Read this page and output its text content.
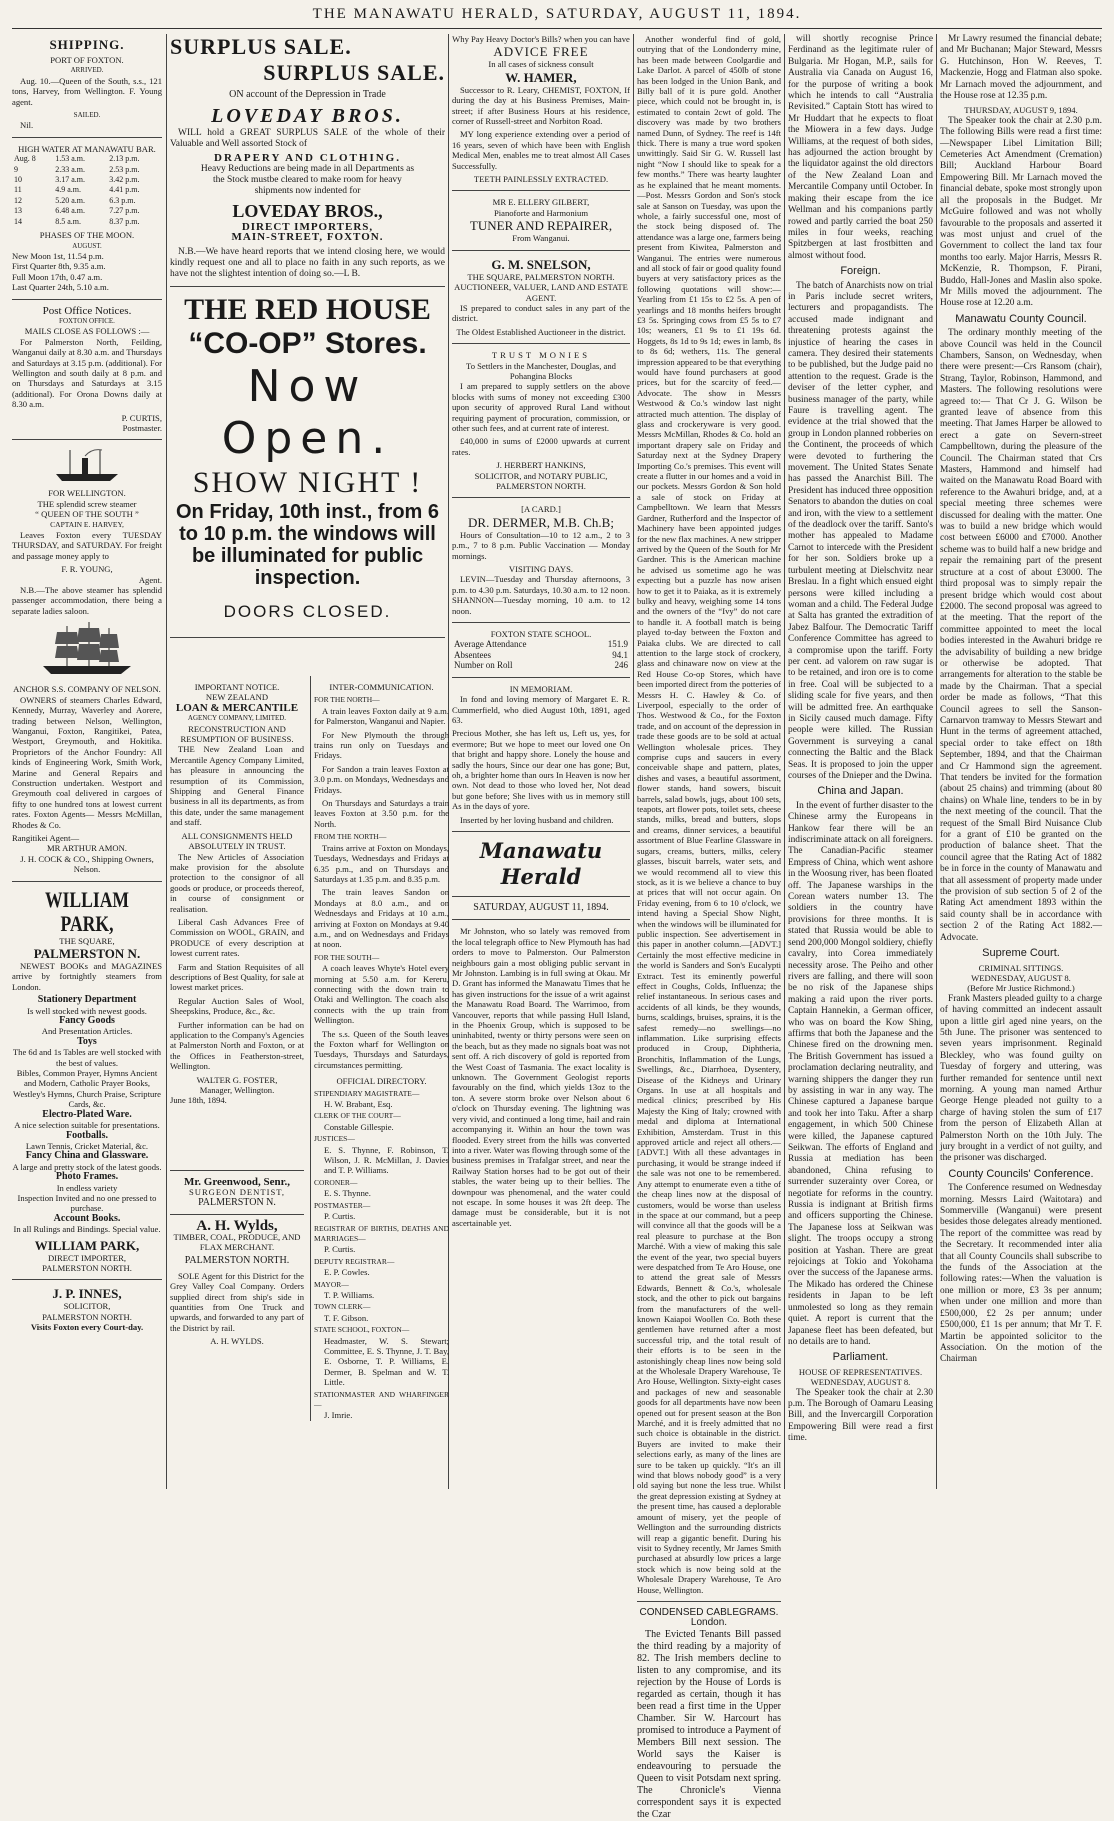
THE MANAWATU HERALD, SATURDAY, AUGUST 11, 1894.
SHIPPING.
PORT OF FOXTON.
ARRIVED.

Aug. 10.—Queen of the South, s.s., 121 tons, Harvey, from Wellington. F. Young agent.

SAILED.

Nil.

HIGH WATER AT MANAWATU BAR.
Aug. 8	1.53 a.m.	2.13 p.m.
9	2.33 a.m.	2.53 p.m.
10	3.17 a.m.	3.42 p.m.
11	4.9 a.m.	4.41 p.m.
12	5.20 a.m.	6.3 p.m.
13	6.48 a.m.	7.27 p.m.
14	8.5 a.m.	8.37 p.m.
PHASES OF THE MOON.
AUGUST.
New Moon 1st, 11.54 p.m.
First Quarter 8th, 9.35 a.m.
Full Moon 17th, 0.47 a.m.
Last Quarter 24th, 5.10 a.m.
Post Office Notices.
FOXTON OFFICE.
MAILS CLOSE AS FOLLOWS :—

For Palmerston North, Feilding, Wanganui daily at 8.30 a.m. and Thursdays and Saturdays at 3.15 p.m. (additional). For Wellington and south daily at 8 p.m. and on Thursdays and Saturdays at 3.15 (additional). For Orona Downs daily at 8.30 a.m.

P. CURTIS,
Postmaster.
FOR WELLINGTON.
THE splendid screw steamer
“ QUEEN OF THE SOUTH ”
CAPTAIN E. HARVEY,

Leaves Foxton every TUESDAY THURSDAY, and SATURDAY. For freight and passage money apply to

F. R. YOUNG,
Agent.

N.B.—The above steamer has splendid passenger accommodation, there being a separate ladies saloon.

ANCHOR S.S. COMPANY OF NELSON.

OWNERS of steamers Charles Edward, Kennedy, Murray, Waverley and Aorere, trading between Nelson, Wellington, Wanganui, Foxton, Rangitikei, Patea, Westport, Greymouth, and Hokitika. Proprietors of the Anchor Foundry: All kinds of Engineering Work, Smith Work, Marine and General Repairs and Construction undertaken. Westport and Greymouth coal delivered in cargoes of fifty to one hundred tons at lowest current rates. Foxton Agents— Messrs McMillan, Rhodes & Co.

Rangitikei Agent—
MR ARTHUR AMON.
J. H. COCK & CO., Shipping Owners, Nelson.
WILLIAM PARK,
THE SQUARE,
PALMERSTON N.

NEWEST BOOKs and MAGAZINES arrive by fortnightly steamers from London.

Stationery Department
Is well stocked with newest goods.
Fancy Goods
And Presentation Articles.
Toys
The 6d and 1s Tables are well stocked with the best of values.
Bibles, Common Prayer, Hymns Ancient and Modern, Catholic Prayer Books, Westley's Hymns, Church Praise, Scripture Cards, &c.
Electro-Plated Ware.
A nice selection suitable for presentations.
Footballs.
Lawn Tennis, Cricket Material, &c.
Fancy China and Glassware.
A large and pretty stock of the latest goods.
Photo Frames.
In endless variety
Inspection Invited and no one pressed to purchase.
Account Books.
In all Rulings and Bindings. Special value.
WILLIAM PARK,
DIRECT IMPORTER,
PALMERSTON NORTH.
J. P. INNES,
SOLICITOR,
PALMERSTON NORTH.
Visits Foxton every Court-day.
SURPLUS SALE.
SURPLUS SALE.
ON account of the Depression in Trade
LOVEDAY BROS.

WILL hold a GREAT SURPLUS SALE of the whole of their Valuable and Well assorted Stock of

DRAPERY AND CLOTHING.

Heavy Reductions are being made in all Departments as the Stock mustbe cleared to make room for heavy shipments now indented for

LOVEDAY BROS.,
DIRECT IMPORTERS,
MAIN-STREET, FOXTON.

N.B.—We have heard reports that we intend closing here, we would kindly request one and all to place no faith in any such reports, as we have not the slightest intention of doing so.—L B.

THE RED HOUSE
“CO-OP” Stores.
Now Open.
SHOW NIGHT !
On Friday, 10th inst., from 6 to 10 p.m. the windows will be illuminated for public inspection.
DOORS CLOSED.
IMPORTANT NOTICE.
NEW ZEALAND
LOAN & MERCANTILE
AGENCY COMPANY, LIMITED.
RECONSTRUCTION AND RESUMPTION OF BUSINESS.

THE New Zealand Loan and Mercantile Agency Company Limited, has pleasure in announcing the resumption of its Commission, Shipping and General Finance business in all its departments, as from this date, under the same management and staff.

ALL CONSIGNMENTS HELD ABSOLUTELY IN TRUST.

The New Articles of Association make provision for the absolute protection to the consignor of all goods or produce, or proceeds thereof, in course of consignment or realisation.

Liberal Cash Advances Free of Commission on WOOL, GRAIN, and PRODUCE of every description at lowest current rates.

Farm and Station Requisites of all descriptions of Best Quality, for sale at lowest market prices.

Regular Auction Sales of Wool, Sheepskins, Produce, &c., &c.

Further information can be had on application to the Company's Agencies at Palmerston North and Foxton, or at the Offices in Featherston-street, Wellington.

WALTER G. FOSTER,
Manager, Wellington.
June 18th, 1894.
INTER-COMMUNICATION.
FOR THE NORTH—

A train leaves Foxton daily at 9 a.m. for Palmerston, Wanganui and Napier.

For New Plymouth the through trains run only on Tuesdays and Fridays.

For Sandon a train leaves Foxton at 3.0 p.m. on Mondays, Wednesdays and Fridays.

On Thursdays and Saturdays a train leaves Foxton at 3.50 p.m. for the North.

FROM THE NORTH—

Trains arrive at Foxton on Mondays, Tuesdays, Wednesdays and Fridays at 6.35 p.m., and on Thursdays and Saturdays at 1.35 p.m. and 8.35 p.m.

The train leaves Sandon on Mondays at 8.0 a.m., and on Wednesdays and Fridays at 10 a.m., arriving at Foxton on Mondays at 9.40 a.m., and on Wednesdays and Fridays at noon.

FOR THE SOUTH—

A coach leaves Whyte's Hotel every morning at 5.50 a.m. for Kereru, connecting with the down train to Otaki and Wellington. The coach also connects with the up train from Wellington.

The s.s. Queen of the South leaves the Foxton wharf for Wellington on Tuesdays, Thursdays and Saturdays, circumstances permitting.

OFFICIAL DIRECTORY.
STIPENDIARY MAGISTRATE—
H. W. Brabant, Esq.
CLERK OF THE COURT—
Constable Gillespie.
JUSTICES—
E. S. Thynne, F. Robinson, T. Wilson, J. R. McMillan, J. Davies and T. P. Williams.
CORONER—
E. S. Thynne.
POSTMASTER—
P. Curtis.
REGISTRAR OF BIRTHS, DEATHS AND MARRIAGES—
P. Curtis.
DEPUTY REGISTRAR—
E. P. Cowles.
MAYOR—
T. P. Williams.
TOWN CLERK—
T. F. Gibson.
STATE SCHOOL, FOXTON—
Headmaster, W. S. Stewart; Committee, E. S. Thynne, J. T. Bay, E. Osborne, T. P. Williams, E. Dermer, B. Spelman and W. T. Little.
STATIONMASTER AND WHARFINGER—
J. Imrie.
Mr. Greenwood, Senr.,
SURGEON DENTIST,
PALMERSTON N.
A. H. Wylds,
TIMBER, COAL, PRODUCE, AND FLAX MERCHANT.
PALMERSTON NORTH.

SOLE Agent for this District for the Grey Valley Coal Company. Orders supplied direct from ship's side in quantities from One Truck and upwards, and forwarded to any part of the District by rail.

A. H. WYLDS.
Why Pay Heavy Doctor's Bills? when you can have
ADVICE FREE
In all cases of sickness consult
W. HAMER,

Successor to R. Leary, CHEMIST, FOXTON, If during the day at his Business Premises, Main-street; if after Business Hours at his residence, corner of Russell-street and Norbiton Road.

MY long experience extending over a period of 16 years, seven of which have been with English Medical Men, enables me to treat almost All Cases Successfully.

TEETH PAINLESSLY EXTRACTED.
MR E. ELLERY GILBERT,
Pianoforte and Harmonium
TUNER AND REPAIRER,
From Wanganui.
G. M. SNELSON,
THE SQUARE, PALMERSTON NORTH.
AUCTIONEER, VALUER, LAND AND ESTATE AGENT.

IS prepared to conduct sales in any part of the district.

The Oldest Established Auctioneer in the district.
TRUST MONIES
To Settlers in the Manchester, Douglas, and Pohangina Blocks

I am prepared to supply settlers on the above blocks with sums of money not exceeding £300 upon security of approved Rural Land without requiring payment of procuration, commission, or other such fees, and at current rate of interest.

£40,000 in sums of £2000 upwards at current rates.

J. HERBERT HANKINS,
SOLICITOR, and NOTARY PUBLIC, PALMERSTON NORTH.
[A CARD.]
DR. DERMER, M.B. Ch.B;

Hours of Consultation—10 to 12 a.m., 2 to 3 p.m., 7 to 8 p.m. Public Vaccination — Monday mornings.

VISITING DAYS.

LEVIN—Tuesday and Thursday afternoons, 3 p.m. to 4.30 p.m. Saturdays, 10.30 a.m. to 12 noon. SHANNON—Tuesday morning, 10 a.m. to 12 noon.

FOXTON STATE SCHOOL.
Average Attendance	151.9
Absentees	94.1
Number on Roll	246
IN MEMORIAM.

In fond and loving memory of Margaret E. R. Cummerfield, who died August 10th, 1891, aged 63.

Precious Mother, she has left us, Left us, yes, for evermore; But we hope to meet our loved one On that bright and happy shore. Lonely the house and sadly the hours, Since our dear one has gone; But, oh, a brighter home than ours In Heaven is now her own. Not dead to those who loved her, Not dead but gone before; She lives with us in memory still As in the days of yore.

Inserted by her loving husband and children.

Manawatu Herald
SATURDAY, AUGUST 11, 1894.

Mr Johnston, who so lately was removed from the local telegraph office to New Plymouth has had orders to move to Palmerston. Our Palmerston neighbours gain a most obliging public servant in Mr Johnston. Lambing is in full swing at Okau. Mr D. Grant has informed the Manawatu Times that he has given instructions for the issue of a writ against the Manawatu Road Board. The Warrimoo, from Vancouver, reports that while passing Hull Island, in the Phoenix Group, which is supposed to be uninhabited, twenty or thirty persons were seen on the beach, but as they made no signals boat was not sent off. A rich discovery of gold is reported from the West Coast of Tasmania. The exact locality is unknown. The Government Geologist reports favourably on the find, which yields 13oz to the ton. A severe storm broke over Nelson about 6 o'clock on Thursday evening. The lightning was very vivid, and continued a long time, hail and rain accompanying it. Within an hour the town was flooded. Every street from the hills was converted into a river. Water was flowing through some of the business premises in Trafalgar street, and near the Railway Station horses had to be got out of their stables, the water being up to their bellies. The downpour was phenomenal, and the water could not escape. In some houses it was 2ft deep. The damage must be considerable, but it is not ascertainable yet.

Another wonderful find of gold, outrying that of the Londonderry mine, has been made between Coolgardie and Lake Darlot. A parcel of 450lb of stone has been lodged in the Union Bank, and Billy ball of it is pure gold. Another piece, which could not be brought in, is estimated to contain 2cwt of gold. The discovery was made by two brothers named Dunn, of Sydney. The reef is 14ft thick. There is many a true word spoken unwittingly. Said Sir G. W. Russell last night “Now I should like to speak for a few months.” There was hearty laughter as he explained that he meant moments.—Post. Messrs Gordon and Son's stock sale at Sanson on Tuesday, was upon the whole, a fairly successful one, most of the stock being disposed of. The attendance was a large one, farmers being present from Kiwitea, Palmerston and Wanganui. The entries were numerous and all stock of fair or good quality found buyers at very satisfactory prices as the following quotations will show:— Yearling from £1 15s to £2 5s. A pen of yearlings and 18 months heifers brought £3 5s. Springing cows from £5 5s to £7 10s; weaners, £1 9s to £1 19s 6d. Hoggets, 8s 1d to 9s 1d; ewes in lamb, 8s to 8s 6d; wethers, 11s. The general impression appeared to be that everything would have found purchasers at good prices, but for the scarcity of feed.—Advocate. The show in Messrs Westwood & Co.'s window last night attracted much attention. The display of glass and crockeryware is very good. Messrs McMillan, Rhodes & Co. hold an important drapery sale on Friday and Saturday next at the Sydney Drapery Importing Co.'s premises. This event will create a flutter in our homes and a void in our pockets. Messrs Gordon & Son hold a sale of stock on Friday at Campbelltown. We learn that Messrs Gardner, Rutherford and the Inspector of Machinery have been appointed judges for the new flax machines. A new stripper arrived by the Queen of the South for Mr Gardner. This is the American machine he advised us sometime ago he was expecting but a puzzle has now arisen how to get it to Paiaka, as it is extremely bulky and heavy, weighing some 14 tons and the owners of the “Ivy” do not care to handle it. A football match is being played to-day between the Foxton and Paiaka clubs. We are directed to call attention to the large stock of crockery, glass and chinaware now on view at the Red House Co-op Stores, which have been imported direct from the potteries of Messrs H. C. Hawley & Co. of Liverpool, especially to the order of Thos. Westwood & Co., for the Foxton trade, and on account of the depression in trade these goods are to be sold at actual Wellington wholesale prices. They comprise cups and saucers in every conceivable shape and pattern, plates, dishes and vases, a beautiful assortment, flower stands, hand sowers, biscuit barrels, salad bowls, jugs, about 100 sets, teapots, art flower pots, toilet sets, cheese stands, milks, bread and butters, slops and creams, dinner services, a beautiful assortment of Blue Fearline Glassware in sugars, creams, butters, milks, celery glasses, biscuit barrels, water sets, and we would recommend all to view this stock, as it is we believe a chance to buy at prices that will not occur again. On Friday evening, from 6 to 10 o'clock, we intend having a Special Show Night, when the windows will be illuminated for public inspection. See advertisement in this paper in another column.—[ADVT.] Certainly the most effective medicine in the world is Sanders and Son's Eucalypti Extract. Test its eminently powerful effect in Coughs, Colds, Influenza; the relief instantaneous. In serious cases and accidents of all kinds, be they wounds, burns, scaldings, bruises, sprains, it is the safest remedy—no swellings—no inflammation. Like surprising effects produced in Croup, Diphtheria, Bronchitis, Inflammation of the Lungs, Swellings, &c., Diarrhoea, Dysentery, Disease of the Kidneys and Urinary Organs. In use at all hospitals and medical clinics; prescribed by His Majesty the King of Italy; crowned with medal and diploma at International Exhibition, Amsterdam. Trust in this approved article and reject all others.—[ADVT.] With all these advantages in purchasing, it would be strange indeed if the sale was not one to be remembered. Any attempt to enumerate even a tithe of the cheap lines now at the disposal of customers, would be worse than useless in the space at our command, but a peep will convince all that the goods will be a real pleasure to purchase at the Bon Marché. With a view of making this sale the event of the year, two special buyers were despatched from Te Aro House, one to attend the great sale of Messrs Edwards, Bennett & Co.'s, wholesale stock, and the other to pick out bargains from the manufacturers of the well-known Kaiapoi Woollen Co. Both these gentlemen have returned after a most successful trip, and the total result of their efforts is to be seen in the astonishingly cheap lines now being sold at the Wholesale Drapery Warehouse, Te Aro House, Wellington. Sixty-eight cases and packages of new and seasonable goods for all departments have now been opened out for present season at the Bon Marché, and it is freely admitted that no such choice is obtainable in the district. Buyers are invited to make their selections early, as many of the lines are sure to be taken up quickly. “It's an ill wind that blows nobody good” is a very old saying but none the less true. Whilst the great depression existing at Sydney at the present time, has caused a deplorable amount of misery, yet the people of Wellington and the surrounding districts will reap a gigantic benefit. During his visit to Sydney recently, Mr James Smith purchased at absurdly low prices a large stock which is now being sold at the Wholesale Drapery Warehouse, Te Aro House, Wellington.

CONDENSED CABLEGRAMS.
London.

The Evicted Tenants Bill passed the third reading by a majority of 82. The Irish members decline to listen to any compromise, and its rejection by the House of Lords is regarded as certain, though it has been read a first time in the Upper Chamber. Sir W. Harcourt has promised to introduce a Payment of Members Bill next session. The World says the Kaiser is endeavouring to persuade the Queen to visit Potsdam next spring. The Chronicle's Vienna correspondent says it is expected the Czar

will shortly recognise Prince Ferdinand as the legitimate ruler of Bulgaria. Mr Hogan, M.P., sails for Australia via Canada on August 16, for the purpose of writing a book which he intends to call “Australia Revisited.” Captain Stott has wired to Mr Huddart that he expects to float the Miowera in a few days. Judge Williams, at the request of both sides, has adjourned the action brought by the liquidator against the old directors of the New Zealand Loan and Mercantile Company until October. In making their escape from the ice Wellman and his companions partly rowed and partly carried the boat 250 miles in four weeks, reaching Spitzbergen at last frostbitten and almost without food.

Foreign.

The batch of Anarchists now on trial in Paris include secret writers, lecturers and propagandists. The accused made indignant and threatening protests against the injustice of hearing the cases in camera. They desired their statements to be published, but the Judge paid no attention to the request. Grade is the deviser of the letter cypher, and business manager of the party, while Faure is travelling agent. The evidence at the trial showed that the group in London planned robberies on the Continent, the proceeds of which were devoted to furthering the movement. The United States Senate has passed the Anarchist Bill. The President has induced three opposition Senators to abandon the duties on coal and iron, with the view to a settlement of the deadlock over the tariff. Santo's mother has appealed to Madame Carnot to intercede with the President for her son. Soldiers broke up a turbulent meeting at Dielschvitz near Breslau. In a fight which ensued eight persons were killed including a woman and a child. The Federal Judge at Salta has granted the extradition of Jabez Balfour. The Democratic Tariff Conference Committee has agreed to a compromise upon the tariff. Forty per cent. ad valorem on raw sugar is to be retained, and iron ore is to come in free. Coal will be subjected to a sliding scale for five years, and then will be admitted free. An earthquake in Sicily caused much damage. Fifty people were killed. The Russian Government is surveying a canal connecting the Baltic and the Black Seas. It is proposed to join the upper courses of the Dnieper and the Dwina.

China and Japan.

In the event of further disaster to the Chinese army the Europeans in Hankow fear there will be an indiscriminate attack on all foreigners. The Canadian-Pacific steamer Empress of China, which went ashore in the Woosung river, has been floated off. The Japanese warships in the Corean waters number 13. The soldiers in the country have provisions for three months. It is stated that Russia would be able to send 200,000 Mongol soldiery, chiefly cavalry, into Corea immediately necessity arose. The Peiho and other rivers are falling, and there will soon be no risk of the Japanese ships making a raid upon the river ports. Captain Hannekin, a German officer, who was on board the Kow Shing, affirms that both the Japanese and the Chinese fired on the drowning men. The British Government has issued a proclamation declaring neutrality, and warning shippers the danger they run by assisting in war in any way. The Chinese captured a Japanese barque and took her into Taku. After a sharp engagement, in which 500 Chinese were killed, the Japanese captured Seikwan. The efforts of England and Russia at mediation has been abandoned, China refusing to surrender suzerainty over Corea, or negotiate for reforms in the country. Russia is indignant at British firms and officers supporting the Chinese. The Japanese loss at Seikwan was slight. The troops occupy a strong position at Yashan. There are great rejoicings at Tokio and Yokohama over the success of the Japanese arms. The Mikado has ordered the Chinese residents in Japan to be left unmolested so long as they remain quiet. A report is current that the Japanese fleet has been defeated, but no details are to hand.

Parliament.
HOUSE OF REPRESENTATIVES.
WEDNESDAY, AUGUST 8.

The Speaker took the chair at 2.30 p.m. The Borough of Oamaru Leasing Bill, and the Invercargill Corporation Empowering Bill were read a first time.

Mr Lawry resumed the financial debate; and Mr Buchanan; Major Steward, Messrs G. Hutchinson, Hon W. Reeves, T. Mackenzie, Hogg and Flatman also spoke. Mr Larnach moved the adjournment, and the House rose at 12.35 p.m.

THURSDAY, AUGUST 9, 1894.

The Speaker took the chair at 2.30 p.m. The following Bills were read a first time:—Newspaper Libel Limitation Bill; Cemeteries Act Amendment (Cremation) Bill; Auckland Harbour Board Empowering Bill. Mr Larnach moved the financial debate, spoke most strongly upon all the proposals in the Budget. Mr McGuire followed and was not wholly favourable to the proposals and asserted it was most unjust and cruel of the Government to collect the land tax four months too early. Major Harris, Messrs R. McKenzie, R. Thompson, F. Pirani, Buddo, Hall-Jones and Maslin also spoke. Mr Mills moved the adjournment. The House rose at 12.20 a.m.

Manawatu County Council.

The ordinary monthly meeting of the above Council was held in the Council Chambers, Sanson, on Wednesday, when there were present:—Crs Ransom (chair), Strang, Taylor, Robinson, Hammond, and Masters. The following resolutions were agreed to:— That Cr J. G. Wilson be granted leave of absence from this meeting. That James Harper be allowed to erect a gate on Severn-street Campbelltown, during the pleasure of the Council. The Chairman stated that Crs Masters, Hammond and himself had waited on the Manawatu Road Board with reference to the Awahuri bridge, and, at a special meeting three schemes were discussed for dealing with the matter. One was to build a new bridge which would cost between £6000 and £7000. Another scheme was to build half a new bridge and repair the remaining part of the present structure at a cost of about £3000. The third proposal was to simply repair the present bridge which would cost about £2000. The second proposal was agreed to at the meeting. That the report of the committee appointed to meet the local bodies interested in the Awahuri bridge re the advisability of building a new bridge or otherwise be adopted. That arrangements for alteration to the stable be made by the Chairman. That a special order be made as follows, “That this Council agrees to sell the Sanson-Carnarvon tramway to Messrs Stewart and Hunt in the terms of agreement attached, special order to take effect on 18th September, 1894, and that the Chairman and Cr Hammond sign the agreement. That tenders be invited for the formation (about 25 chains) and trimming (about 80 chains) on Whale line, tenders to be in by the next meeting of the council. That the request of the Small Bird Nuisance Club for a grant of £10 be granted on the production of balance sheet. That the council agree that the Rating Act of 1882 be in force in the county of Manawatu and that all assessment of property made under the provision of sub section 5 of 2 of the Rating Act amendment 1893 within the said county shall be in accordance with section 2 of the Rating Act 1882.—Advocate.

Supreme Court.
CRIMINAL SITTINGS.
WEDNESDAY, AUGUST 8.
(Before Mr Justice Richmond.)

Frank Masters pleaded guilty to a charge of having committed an indecent assault upon a little girl aged nine years, on the 5th June. The prisoner was sentenced to seven years imprisonment. Reginald Bleckley, who was found guilty on Tuesday of forgery and uttering, was further remanded for sentence until next morning. A young man named Arthur George Henge pleaded not guilty to a charge of having stolen the sum of £17 from the person of Elizabeth Allan at Palmerston North on the 10th July. The jury brought in a verdict of not guilty, and the prisoner was discharged.

County Councils' Conference.

The Conference resumed on Wednesday morning. Messrs Laird (Waitotara) and Sommerville (Wanganui) were present besides those delegates already mentioned. The report of the committee was read by the Secretary. It recommended inter alia that all County Councils shall subscribe to the funds of the Association at the following rates:—When the valuation is one million or more, £3 3s per annum; when under one million and more than £500,000, £2 2s per annum; under £500,000, £1 1s per annum; that Mr T. F. Martin be appointed solicitor to the Association. On the motion of the Chairman
